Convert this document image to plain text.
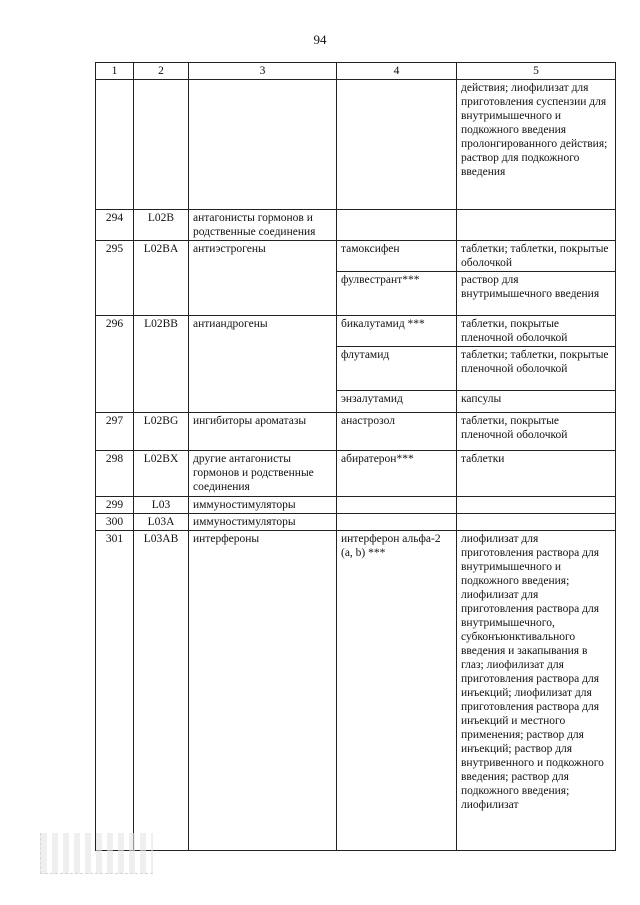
94
1	2	3	4	5
				действия; лиофилизат для приготовления суспензии для внутримышечного и подкожного введения пролонгированного действия; раствор для подкожного введения
294	L02B	антагонисты гормонов и родственные соединения		
295	L02BA	антиэстрогены	тамоксифен	таблетки; таблетки, покрытые оболочкой
			фулвестрант***	раствор для внутримышечного введения
296	L02BB	антиандрогены	бикалутамид ***	таблетки, покрытые пленочной оболочкой
			флутамид	таблетки; таблетки, покрытые пленочной оболочкой
			энзалутамид	капсулы
297	L02BG	ингибиторы ароматазы	анастрозол	таблетки, покрытые пленочной оболочкой
298	L02BX	другие антагонисты гормонов и родственные соединения	абиратерон***	таблетки
299	L03	иммуностимуляторы		
300	L03A	иммуностимуляторы		
301	L03AB	интерфероны	интерферон альфа-2 (a, b) ***	лиофилизат для приготовления раствора для внутримышечного и подкожного введения; лиофилизат для приготовления раствора для внутримышечного, субконъюнктивального введения и закапывания в глаз; лиофилизат для приготовления раствора для инъекций; лиофилизат для приготовления раствора для инъекций и местного применения; раствор для инъекций; раствор для внутривенного и подкожного введения; раствор для подкожного введения; лиофилизат
